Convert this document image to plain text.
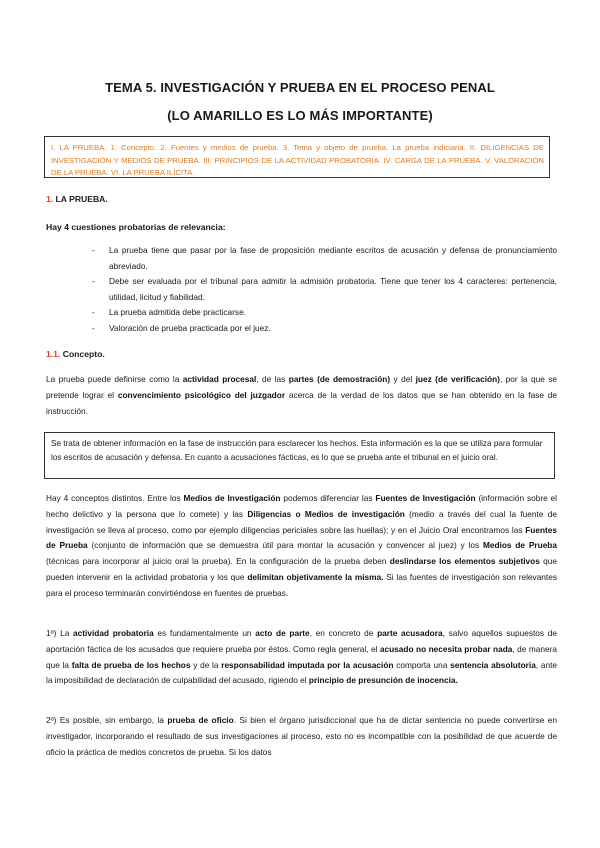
TEMA 5. INVESTIGACIÓN Y PRUEBA EN EL PROCESO PENAL
(LO AMARILLO ES LO MÁS IMPORTANTE)
I. LA PRUEBA. 1. Concepto. 2. Fuentes y medios de prueba. 3. Tema y objeto de prueba. La prueba indiciaria. II. DILIGENCIAS DE INVESTIGACIÓN Y MEDIOS DE PRUEBA. III. PRINCIPIOS DE LA ACTIVIDAD PROBATORIA. IV. CARGA DE LA PRUEBA. V. VALORACIÓN DE LA PRUEBA. VI. LA PRUEBA ILÍCITA.
1. LA PRUEBA.
Hay 4 cuestiones probatorias de relevancia:
- La prueba tiene que pasar por la fase de proposición mediante escritos de acusación y defensa de pronunciamiento abreviado.
- Debe ser evaluada por el tribunal para admitir la admisión probatoria. Tiene que tener los 4 caracteres: pertenencia, utilidad, licitud y fiabilidad.
- La prueba admitida debe practicarse.
- Valoración de prueba practicada por el juez.
1.1. Concepto.

La prueba puede definirse como la actividad procesal, de las partes (de demostración) y del juez (de verificación), por la que se pretende lograr el convencimiento psicológico del juzgador acerca de la verdad de los datos que se han obtenido en la fase de instrucción.

Se trata de obtener información en la fase de instrucción para esclarecer los hechos. Esta información es la que se utiliza para formular los escritos de acusación y defensa. En cuanto a acusaciones fácticas, es lo que se prueba ante el tribunal en el juicio oral.

Hay 4 conceptos distintos. Entre los Medios de Investigación podemos diferenciar las Fuentes de Investigación (información sobre el hecho delictivo y la persona que lo comete) y las Diligencias o Medios de investigación (medio a través del cual la fuente de investigación se lleva al proceso, como por ejemplo diligencias periciales sobre las huellas); y en el Juicio Oral encontramos las Fuentes de Prueba (conjunto de información que se demuestra útil para montar la acusación y convencer al juez) y los Medios de Prueba (técnicas para incorporar al juicio oral la prueba). En la configuración de la prueba deben deslindarse los elementos subjetivos que pueden intervenir en la actividad probatoria y los que delimitan objetivamente la misma. Si las fuentes de investigación son relevantes para el proceso terminarán convirtiéndose en fuentes de pruebas.

1º) La actividad probatoria es fundamentalmente un acto de parte, en concreto de parte acusadora, salvo aquellos supuestos de aportación fáctica de los acusados que requiere prueba por éstos. Como regla general, el acusado no necesita probar nada, de manera que la falta de prueba de los hechos y de la responsabilidad imputada por la acusación comporta una sentencia absolutoria, ante la imposibilidad de declaración de culpabilidad del acusado, rigiendo el principio de presunción de inocencia.

2º) Es posible, sin embargo, la prueba de oficio. Si bien el órgano jurisdiccional que ha de dictar sentencia no puede convertirse en investigador, incorporando el resultado de sus investigaciones al proceso, esto no es incompatible con la posibilidad de que acuerde de oficio la práctica de medios concretos de prueba. Si los datos
